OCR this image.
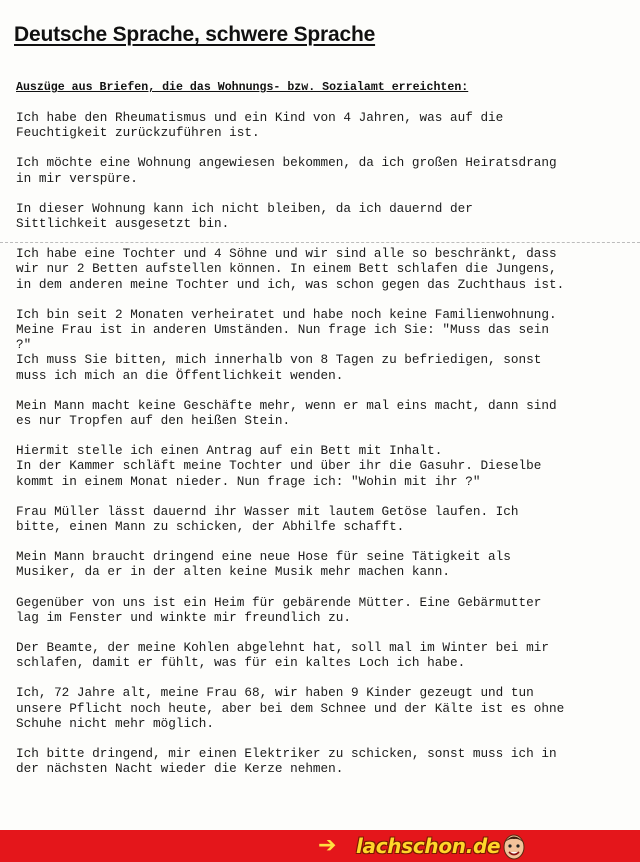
Deutsche Sprache, schwere Sprache
Auszüge aus Briefen, die das Wohnungs- bzw. Sozialamt erreichten:

Ich habe den Rheumatismus und ein Kind von 4 Jahren, was auf die
Feuchtigkeit zurückzuführen ist.

Ich möchte eine Wohnung angewiesen bekommen, da ich großen Heiratsdrang
in mir verspüre.

In dieser Wohnung kann ich nicht bleiben, da ich dauernd der
Sittlichkeit ausgesetzt bin.

Ich habe eine Tochter und 4 Söhne und wir sind alle so beschränkt, dass
wir nur 2 Betten aufstellen können. In einem Bett schlafen die Jungens,
in dem anderen meine Tochter und ich, was schon gegen das Zuchthaus ist.

Ich bin seit 2 Monaten verheiratet und habe noch keine Familienwohnung.
Meine Frau ist in anderen Umständen. Nun frage ich Sie: "Muss das sein
?"
Ich muss Sie bitten, mich innerhalb von 8 Tagen zu befriedigen, sonst
muss ich mich an die Öffentlichkeit wenden.

Mein Mann macht keine Geschäfte mehr, wenn er mal eins macht, dann sind
es nur Tropfen auf den heißen Stein.

Hiermit stelle ich einen Antrag auf ein Bett mit Inhalt.
In der Kammer schläft meine Tochter und über ihr die Gasuhr. Dieselbe
kommt in einem Monat nieder. Nun frage ich: "Wohin mit ihr ?"

Frau Müller lässt dauernd ihr Wasser mit lautem Getöse laufen. Ich
bitte, einen Mann zu schicken, der Abhilfe schafft.

Mein Mann braucht dringend eine neue Hose für seine Tätigkeit als
Musiker, da er in der alten keine Musik mehr machen kann.

Gegenüber von uns ist ein Heim für gebärende Mütter. Eine Gebärmutter
lag im Fenster und winkte mir freundlich zu.

Der Beamte, der meine Kohlen abgelehnt hat, soll mal im Winter bei mir
schlafen, damit er fühlt, was für ein kaltes Loch ich habe.

Ich, 72 Jahre alt, meine Frau 68, wir haben 9 Kinder gezeugt und tun
unsere Pflicht noch heute, aber bei dem Schnee und der Kälte ist es ohne
Schuhe nicht mehr möglich.

Ich bitte dringend, mir einen Elektriker zu schicken, sonst muss ich in
der nächsten Nacht wieder die Kerze nehmen.

➔ lachschon.de
